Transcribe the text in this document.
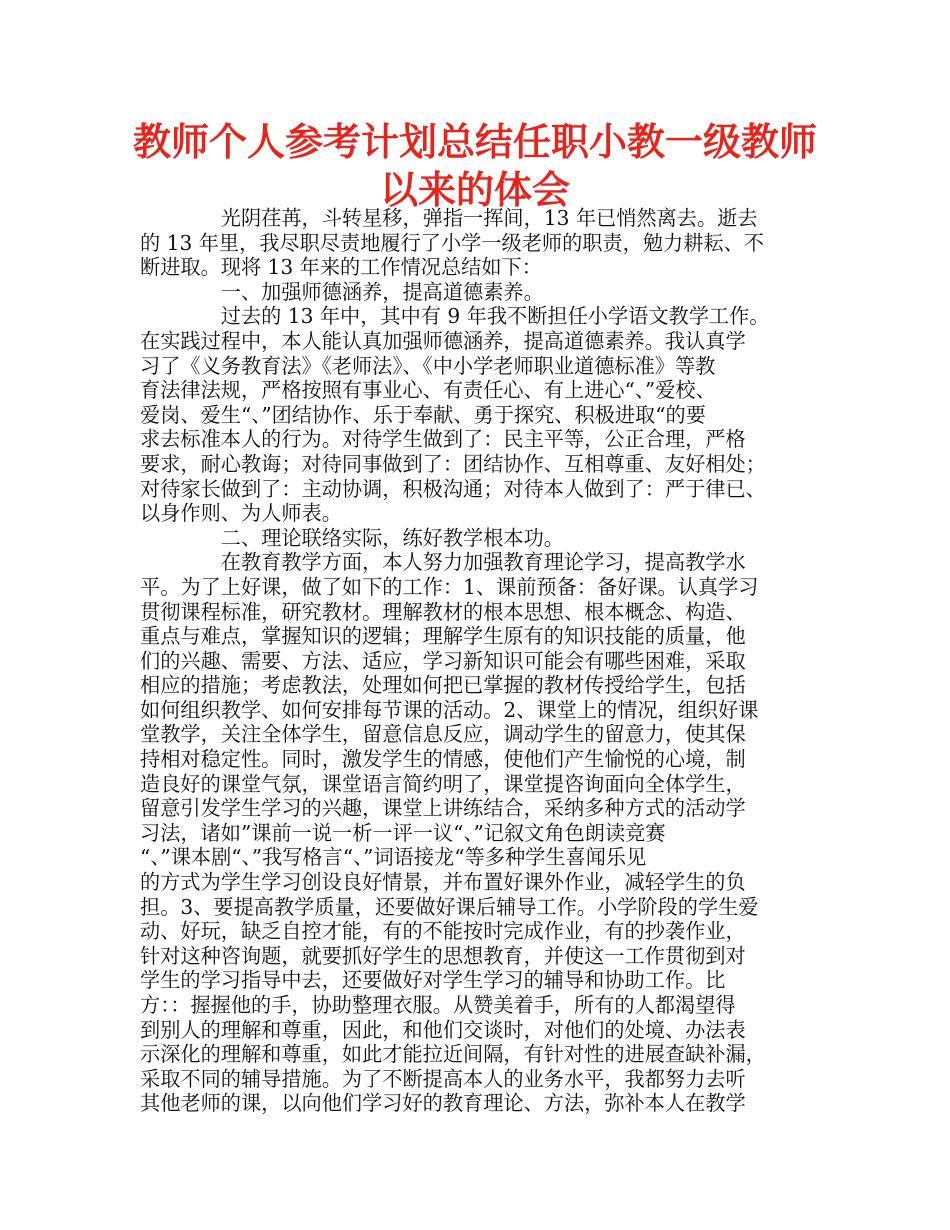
教师个人参考计划总结任职小教一级教师
以来的体会
　　　　光阴荏苒，斗转星移，弹指一挥间，13 年已悄然离去。逝去
的 13 年里，我尽职尽责地履行了小学一级老师的职责，勉力耕耘、不
断进取。现将 13 年来的工作情况总结如下：
　　　　一、加强师德涵养，提高道德素养。
　　　　过去的 13 年中，其中有 9 年我不断担任小学语文教学工作。
在实践过程中，本人能认真加强师德涵养，提高道德素养。我认真学
习了《义务教育法》《老师法》、《中小学老师职业道德标准》等教
育法律法规，严格按照有事业心、有责任心、有上进心“、”爱校、
爱岗、爱生“、”团结协作、乐于奉献、勇于探究、积极进取“的要
求去标准本人的行为。对待学生做到了：民主平等，公正合理，严格
要求，耐心教诲；对待同事做到了：团结协作、互相尊重、友好相处；
对待家长做到了：主动协调，积极沟通；对待本人做到了：严于律已、
以身作则、为人师表。
　　　　二、理论联络实际，练好教学根本功。
　　　　在教育教学方面，本人努力加强教育理论学习，提高教学水
平。为了上好课，做了如下的工作：1、课前预备：备好课。认真学习
贯彻课程标准，研究教材。理解教材的根本思想、根本概念、构造、
重点与难点，掌握知识的逻辑；理解学生原有的知识技能的质量，他
们的兴趣、需要、方法、适应，学习新知识可能会有哪些困难，采取
相应的措施；考虑教法，处理如何把已掌握的教材传授给学生，包括
如何组织教学、如何安排每节课的活动。2、课堂上的情况，组织好课
堂教学，关注全体学生，留意信息反应，调动学生的留意力，使其保
持相对稳定性。同时，激发学生的情感，使他们产生愉悦的心境，制
造良好的课堂气氛，课堂语言简约明了，课堂提咨询面向全体学生，
留意引发学生学习的兴趣，课堂上讲练结合，采纳多种方式的活动学
习法，诸如”课前一说一析一评一议“、”记叙文角色朗读竞赛
“、”课本剧“、”我写格言“、”词语接龙“等多种学生喜闻乐见
的方式为学生学习创设良好情景，并布置好课外作业，减轻学生的负
担。3、要提高教学质量，还要做好课后辅导工作。小学阶段的学生爱
动、好玩，缺乏自控才能，有的不能按时完成作业，有的抄袭作业，
针对这种咨询题，就要抓好学生的思想教育，并使这一工作贯彻到对
学生的学习指导中去，还要做好对学生学习的辅导和协助工作。比
方：：握握他的手，协助整理衣服。从赞美着手，所有的人都渴望得
到别人的理解和尊重，因此，和他们交谈时，对他们的处境、办法表
示深化的理解和尊重，如此才能拉近间隔，有针对性的进展查缺补漏，
采取不同的辅导措施。为了不断提高本人的业务水平，我都努力去听
其他老师的课，以向他们学习好的教育理论、方法，弥补本人在教学
